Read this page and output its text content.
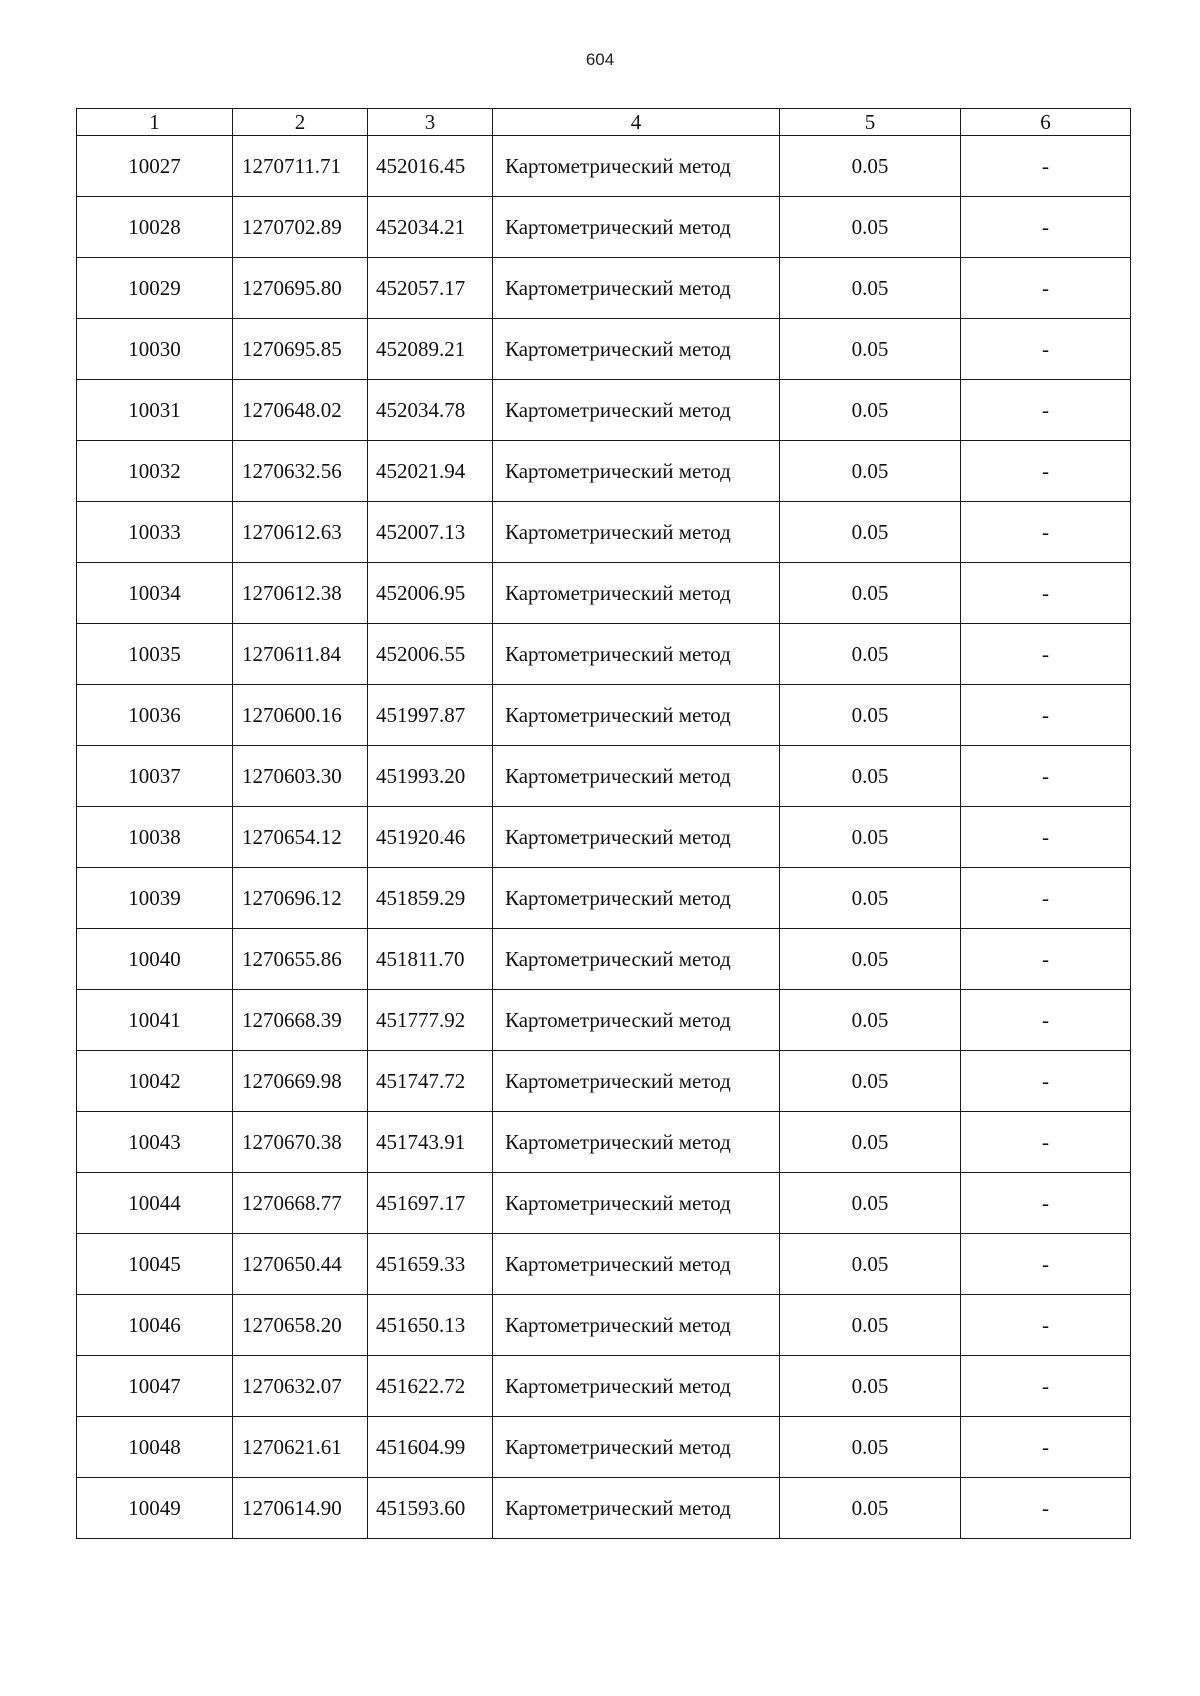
604
1	2	3	4	5	6
10027	1270711.71	452016.45	Картометрический метод	0.05	-
10028	1270702.89	452034.21	Картометрический метод	0.05	-
10029	1270695.80	452057.17	Картометрический метод	0.05	-
10030	1270695.85	452089.21	Картометрический метод	0.05	-
10031	1270648.02	452034.78	Картометрический метод	0.05	-
10032	1270632.56	452021.94	Картометрический метод	0.05	-
10033	1270612.63	452007.13	Картометрический метод	0.05	-
10034	1270612.38	452006.95	Картометрический метод	0.05	-
10035	1270611.84	452006.55	Картометрический метод	0.05	-
10036	1270600.16	451997.87	Картометрический метод	0.05	-
10037	1270603.30	451993.20	Картометрический метод	0.05	-
10038	1270654.12	451920.46	Картометрический метод	0.05	-
10039	1270696.12	451859.29	Картометрический метод	0.05	-
10040	1270655.86	451811.70	Картометрический метод	0.05	-
10041	1270668.39	451777.92	Картометрический метод	0.05	-
10042	1270669.98	451747.72	Картометрический метод	0.05	-
10043	1270670.38	451743.91	Картометрический метод	0.05	-
10044	1270668.77	451697.17	Картометрический метод	0.05	-
10045	1270650.44	451659.33	Картометрический метод	0.05	-
10046	1270658.20	451650.13	Картометрический метод	0.05	-
10047	1270632.07	451622.72	Картометрический метод	0.05	-
10048	1270621.61	451604.99	Картометрический метод	0.05	-
10049	1270614.90	451593.60	Картометрический метод	0.05	-
